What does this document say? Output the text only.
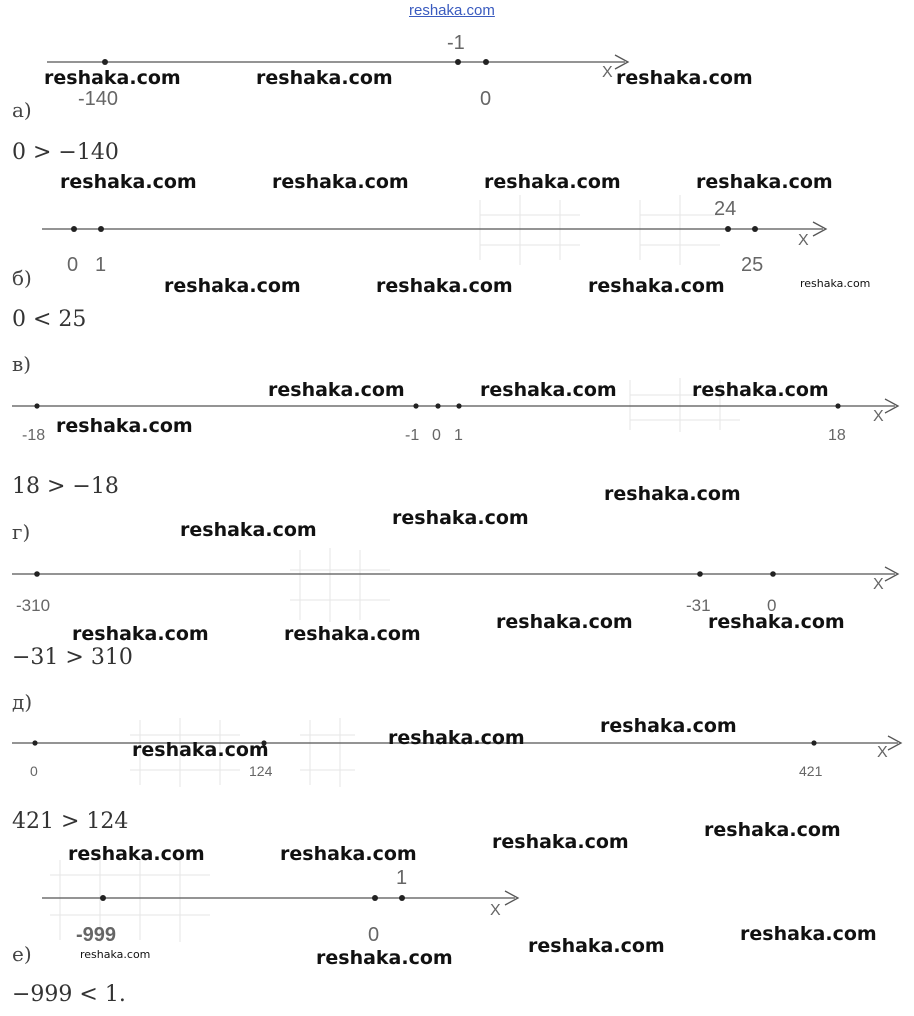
reshaka.com
-1
-140	0
X
а)
0 > −140
24
0 1	25
X
б)
0 < 25
в)
-18	-1 0 1	18
X
18 > −18
г)
-310	-31	0
X
−31 > 310
д)
0	124	421
X
421 > 124
1
-999	0
X
е)
−999 < 1.
reshaka.com	reshaka.com	reshaka.com
reshaka.com	reshaka.com	reshaka.com	reshaka.com
reshaka.com	reshaka.com	reshaka.com	reshaka.com
reshaka.com	reshaka.com	reshaka.com
reshaka.com
reshaka.com
reshaka.com
reshaka.com
reshaka.com	reshaka.com
reshaka.com	reshaka.com
reshaka.com
reshaka.com
reshaka.com
reshaka.com
reshaka.com
reshaka.com	reshaka.com
reshaka.com
reshaka.com
reshaka.com
reshaka.com
